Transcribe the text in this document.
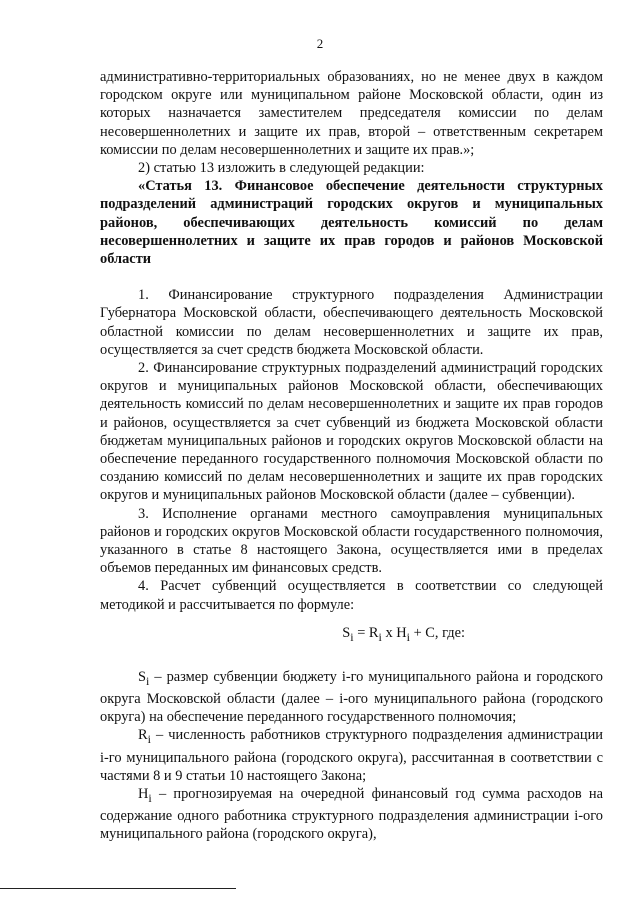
2

административно-территориальных образованиях, но не менее двух в каждом городском округе или муниципальном районе Московской области, один из которых назначается заместителем председателя комиссии по делам несовершеннолетних и защите их прав, второй – ответственным секретарем комиссии по делам несовершеннолетних и защите их прав.»;

2) статью 13 изложить в следующей редакции:

«Статья 13. Финансовое обеспечение деятельности структурных подразделений администраций городских округов и муниципальных районов, обеспечивающих деятельность комиссий по делам несовершеннолетних и защите их прав городов и районов Московской области

1. Финансирование структурного подразделения Администрации Губернатора Московской области, обеспечивающего деятельность Московской областной комиссии по делам несовершеннолетних и защите их прав, осуществляется за счет средств бюджета Московской области.

2. Финансирование структурных подразделений администраций городских округов и муниципальных районов Московской области, обеспечивающих деятельность комиссий по делам несовершеннолетних и защите их прав городов и районов, осуществляется за счет субвенций из бюджета Московской области бюджетам муниципальных районов и городских округов Московской области на обеспечение переданного государственного полномочия Московской области по созданию комиссий по делам несовершеннолетних и защите их прав городских округов и муниципальных районов Московской области (далее – субвенции).

3. Исполнение органами местного самоуправления муниципальных районов и городских округов Московской области государственного полномочия, указанного в статье 8 настоящего Закона, осуществляется ими в пределах объемов переданных им финансовых средств.

4. Расчет субвенций осуществляется в соответствии со следующей методикой и рассчитывается по формуле:

$S_i = R_i$ x $H_i + C$, где:

$S_i$ – размер субвенции бюджету i-го муниципального района и городского округа Московской области (далее – i-ого муниципального района (городского округа) на обеспечение переданного государственного полномочия;

$R_i$ – численность работников структурного подразделения администрации i-го муниципального района (городского округа), рассчитанная в соответствии с частями 8 и 9 статьи 10 настоящего Закона;

$H_i$ – прогнозируемая на очередной финансовый год сумма расходов на содержание одного работника структурного подразделения администрации i-ого муниципального района (городского округа),
